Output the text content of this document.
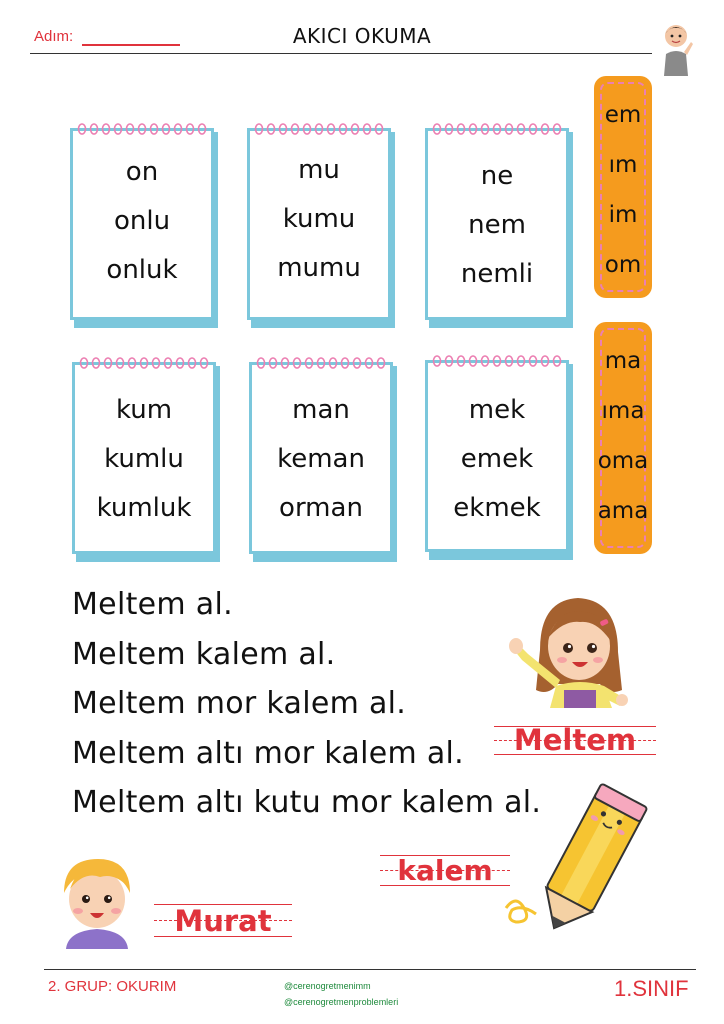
Adım:	AKICI OKUMA
on
onlu
onluk
mu
kumu
mumu
ne
nem
nemli
kum
kumlu
kumluk
man
keman
orman
mek
emek
ekmek
em
ım
im
om
ma
ıma
oma
ama
Meltem al.
Meltem kalem al.
Meltem mor kalem al.
Meltem altı mor kalem al.
Meltem altı kutu mor kalem al.
Meltem
kalem
Murat
2. GRUP: OKURIM	@cerenogretmenimm
@cerenogretmenproblemleri
1.SINIF
